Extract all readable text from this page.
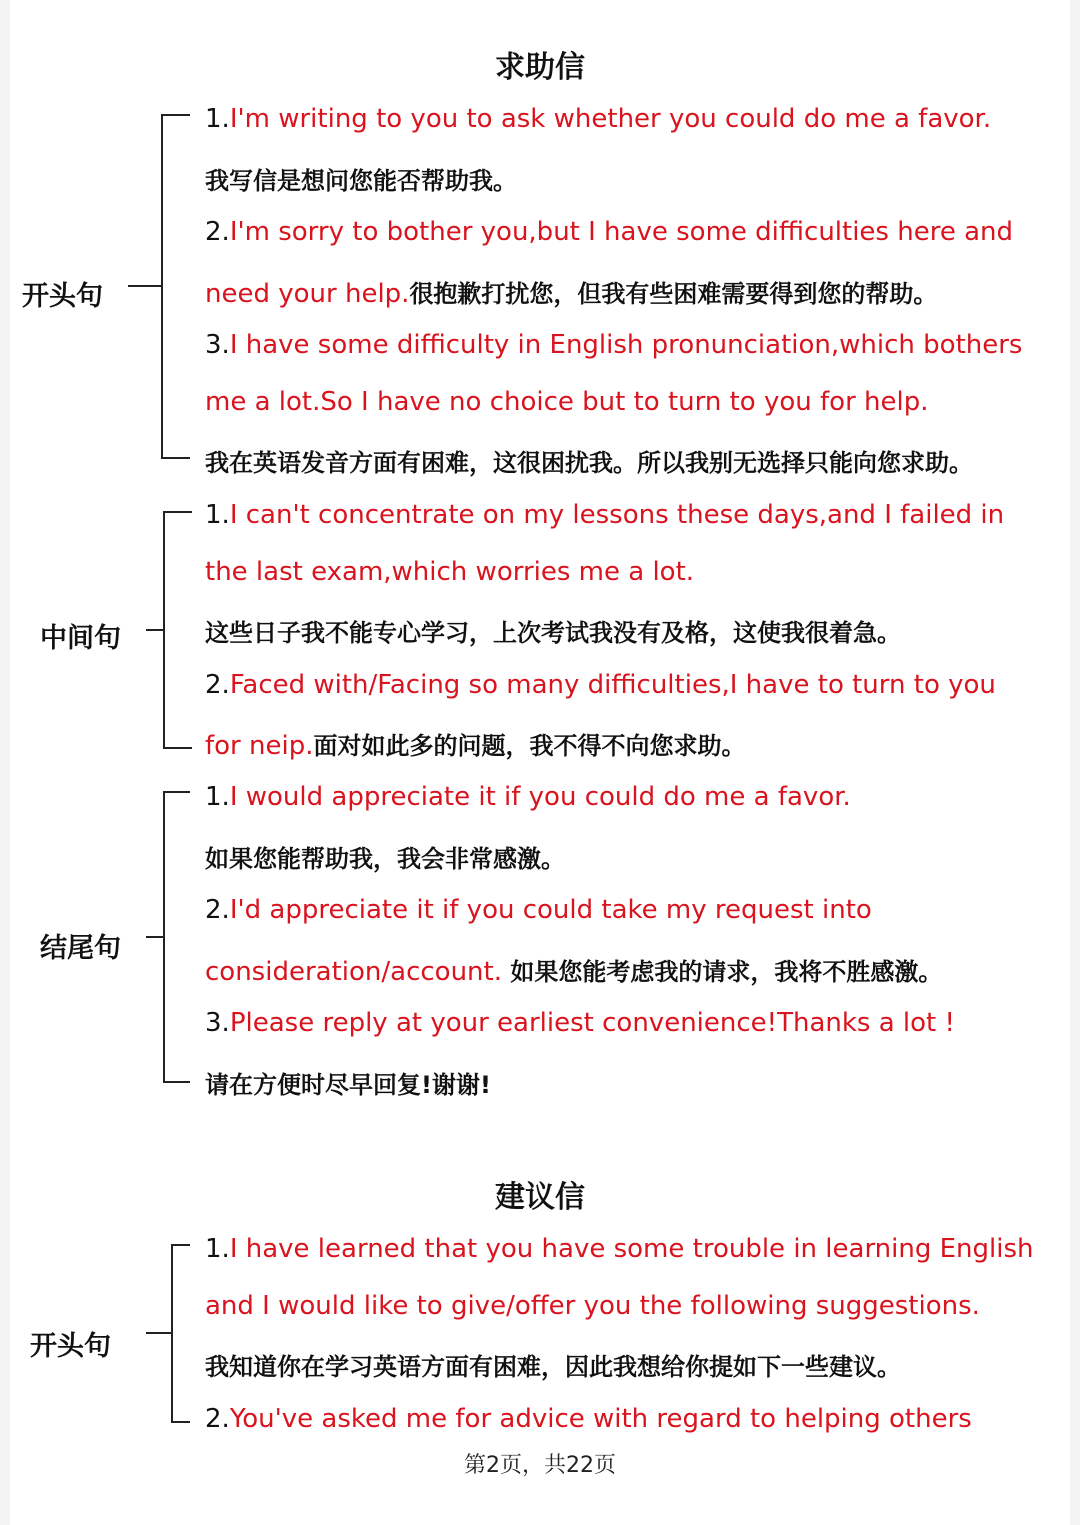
求助信
建议信
开头句
中间句
结尾句
开头句
1.I'm writing to you to ask whether you could do me a favor.
我写信是想问您能否帮助我。
2.I'm sorry to bother you,but I have some difficulties here and
need your help.很抱歉打扰您，但我有些困难需要得到您的帮助。
3.I have some difficulty in English pronunciation,which bothers
me a lot.So I have no choice but to turn to you for help.
我在英语发音方面有困难，这很困扰我。所以我别无选择只能向您求助。
1.I can't concentrate on my lessons these days,and I failed in
the last exam,which worries me a lot.
这些日子我不能专心学习，上次考试我没有及格，这使我很着急。
2.Faced with/Facing so many difficulties,I have to turn to you
for neip.面对如此多的问题，我不得不向您求助。
1.I would appreciate it if you could do me a favor.
如果您能帮助我，我会非常感激。
2.I'd appreciate it if you could take my request into
consideration/account. 如果您能考虑我的请求，我将不胜感激。
3.Please reply at your earliest convenience!Thanks a lot !
请在方便时尽早回复!谢谢!
1.I have learned that you have some trouble in learning English
and I would like to give/offer you the following suggestions.
我知道你在学习英语方面有困难，因此我想给你提如下一些建议。
2.You've asked me for advice with regard to helping others
第2页，共22页
